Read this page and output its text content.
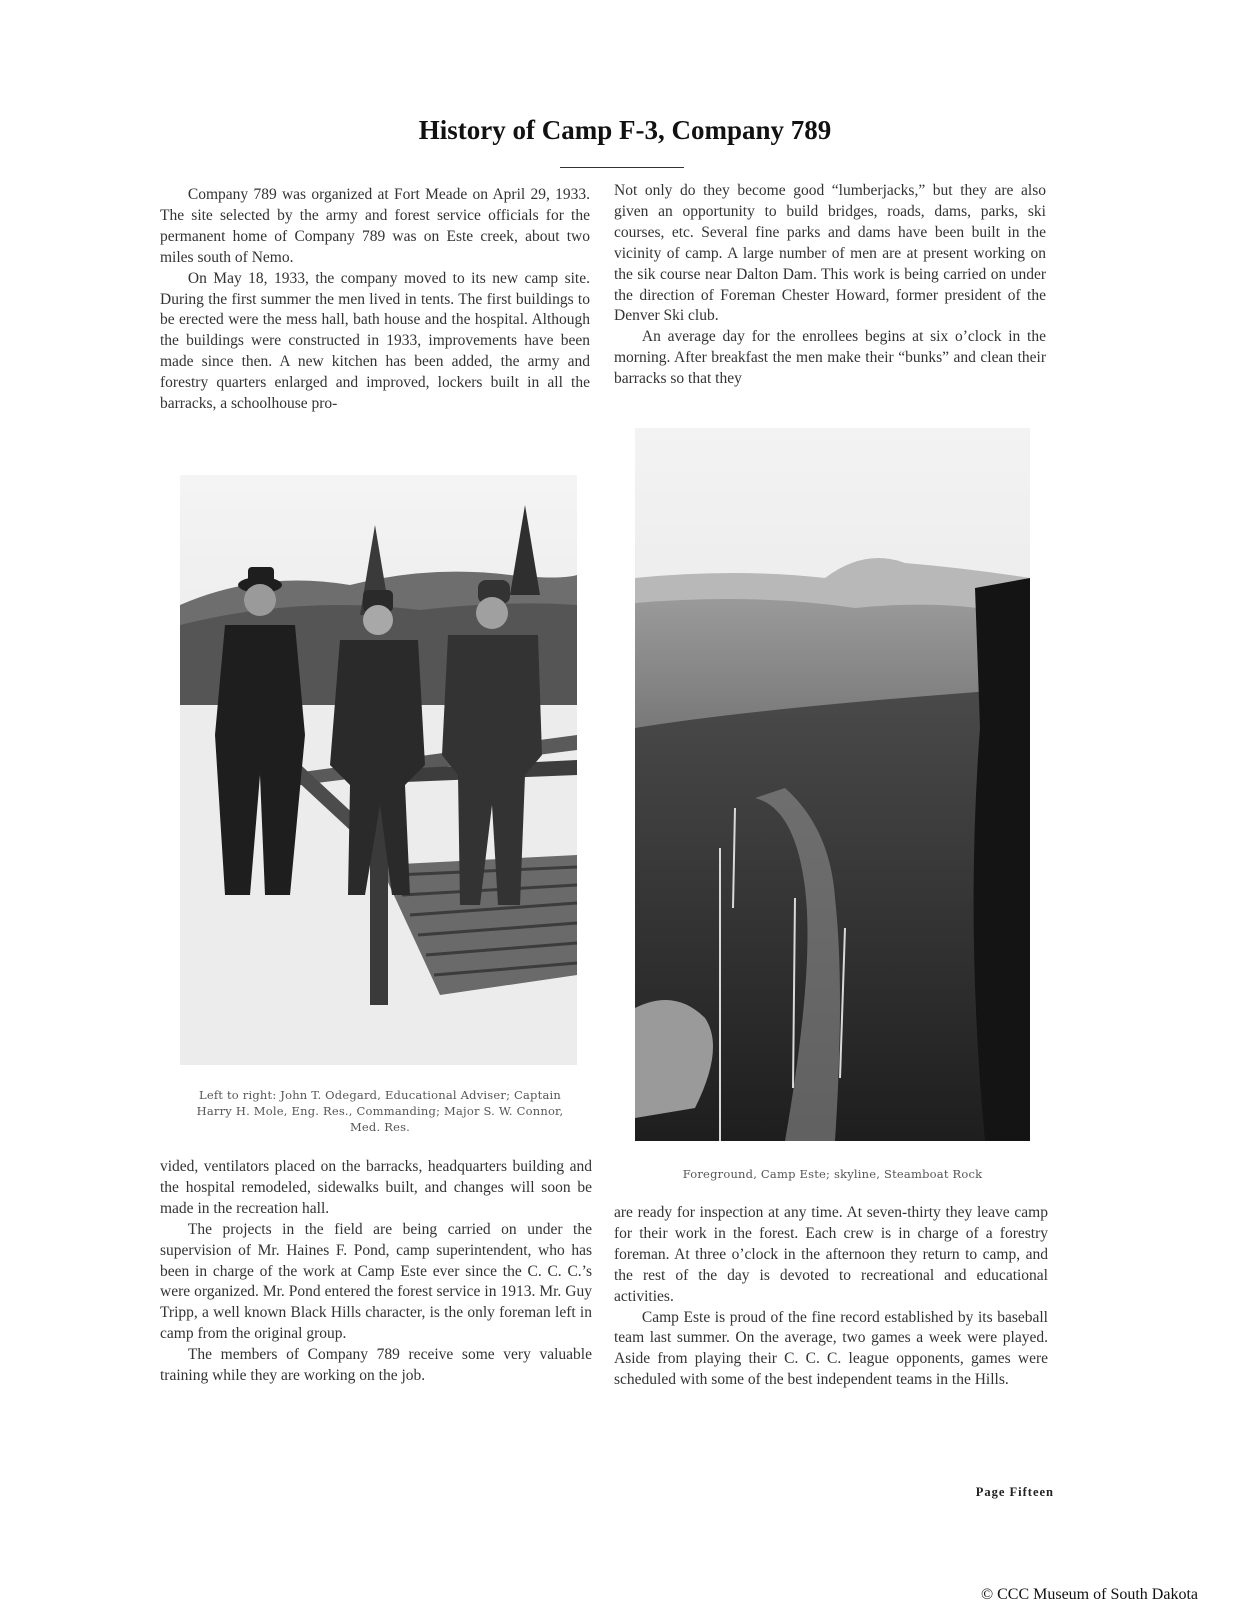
History of Camp F-3, Company 789

Company 789 was organized at Fort Meade on April 29, 1933. The site selected by the army and forest service officials for the permanent home of Company 789 was on Este creek, about two miles south of Nemo.

On May 18, 1933, the company moved to its new camp site. During the first summer the men lived in tents. The first buildings to be erected were the mess hall, bath house and the hospital. Although the buildings were constructed in 1933, improvements have been made since then. A new kitchen has been added, the army and forestry quarters enlarged and improved, lockers built in all the barracks, a schoolhouse pro-

Not only do they become good “lumberjacks,” but they are also given an opportunity to build bridges, roads, dams, parks, ski courses, etc. Several fine parks and dams have been built in the vicinity of camp. A large number of men are at present working on the sik course near Dalton Dam. This work is being carried on under the direction of Foreman Chester Howard, former president of the Denver Ski club.

An average day for the enrollees begins at six o’clock in the morning. After breakfast the men make their “bunks” and clean their barracks so that they

Left to right: John T. Odegard, Educational Adviser; Captain Harry H. Mole, Eng. Res., Commanding; Major S. W. Connor, Med. Res.
Foreground, Camp Este; skyline, Steamboat Rock

vided, ventilators placed on the barracks, headquarters building and the hospital remodeled, sidewalks built, and changes will soon be made in the recreation hall.

The projects in the field are being carried on under the supervision of Mr. Haines F. Pond, camp superintendent, who has been in charge of the work at Camp Este ever since the C. C. C.’s were organized. Mr. Pond entered the forest service in 1913. Mr. Guy Tripp, a well known Black Hills character, is the only foreman left in camp from the original group.

The members of Company 789 receive some very valuable training while they are working on the job.

are ready for inspection at any time. At seven-thirty they leave camp for their work in the forest. Each crew is in charge of a forestry foreman. At three o’clock in the afternoon they return to camp, and the rest of the day is devoted to recreational and educational activities.

Camp Este is proud of the fine record established by its baseball team last summer. On the average, two games a week were played. Aside from playing their C. C. C. league opponents, games were scheduled with some of the best independent teams in the Hills.

Page Fifteen
© CCC Museum of South Dakota
